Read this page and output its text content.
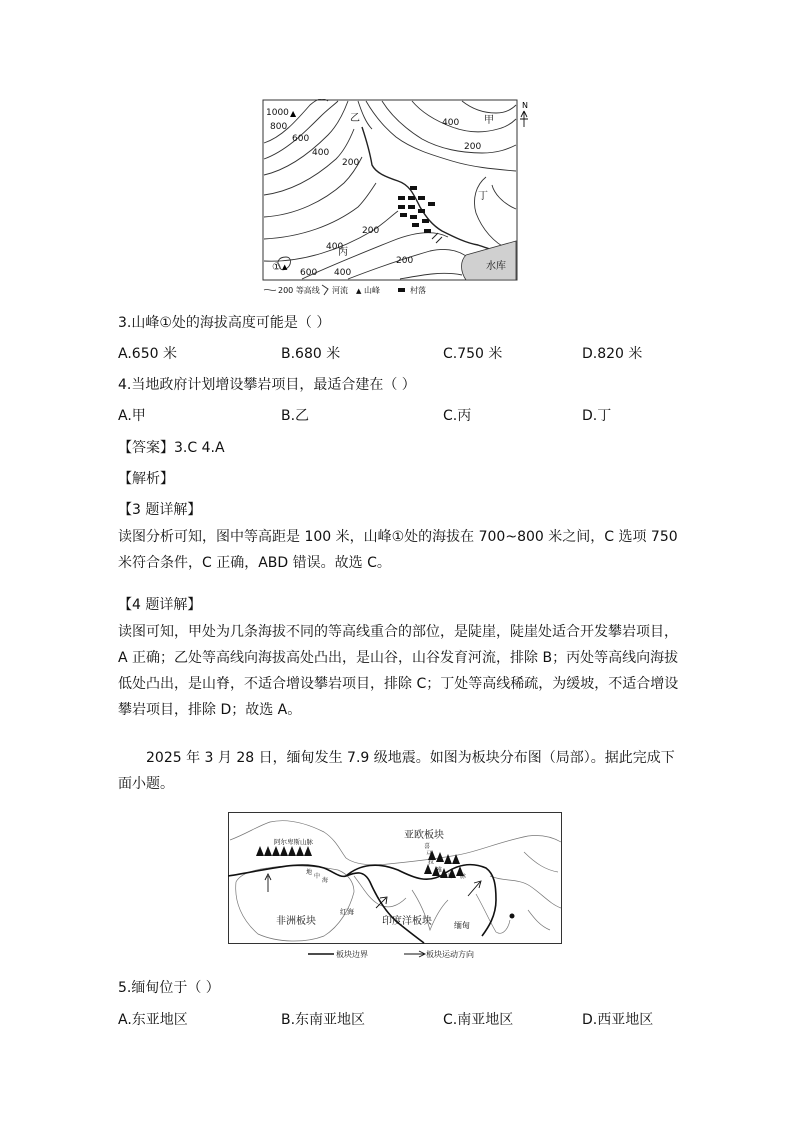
1000
800
600
400
200
400
200
200
400
600
400
200
▲
甲
乙
丙
丁
①	水库
▲
N
200 等高线 河流 ▲ 山峰	村落
3.山峰①处的海拔高度可能是（ ）
A.650 米	B.680 米	C.750 米	D.820 米
4.当地政府计划增设攀岩项目，最适合建在（ ）
A.甲	B.乙	C.丙	D.丁
【答案】3.C 4.A
【解析】
【3 题详解】
读图分析可知，图中等高距是 100 米，山峰①处的海拔在 700~800 米之间，C 选项 750 米符合条件，C 正确，ABD 错误。故选 C。
【4 题详解】
读图可知，甲处为几条海拔不同的等高线重合的部位，是陡崖，陡崖处适合开发攀岩项目，A 正确；乙处等高线向海拔高处凸出，是山谷，山谷发育河流，排除 B；丙处等高线向海拔低处凸出，是山脊，不适合增设攀岩项目，排除 C；丁处等高线稀疏，为缓坡，不适合增设攀岩项目，排除 D；故选 A。
2025 年 3 月 28 日，缅甸发生 7.9 级地震。如图为板块分布图（局部）。据此完成下面小题。
亚欧板块
非洲板块	印度洋板块
红海
缅甸
阿尔卑斯山脉
喜
马
拉
雅
山 脉
地
中
海
板块边界	板块运动方向
5.缅甸位于（ ）
A.东亚地区	B.东南亚地区	C.南亚地区	D.西亚地区
